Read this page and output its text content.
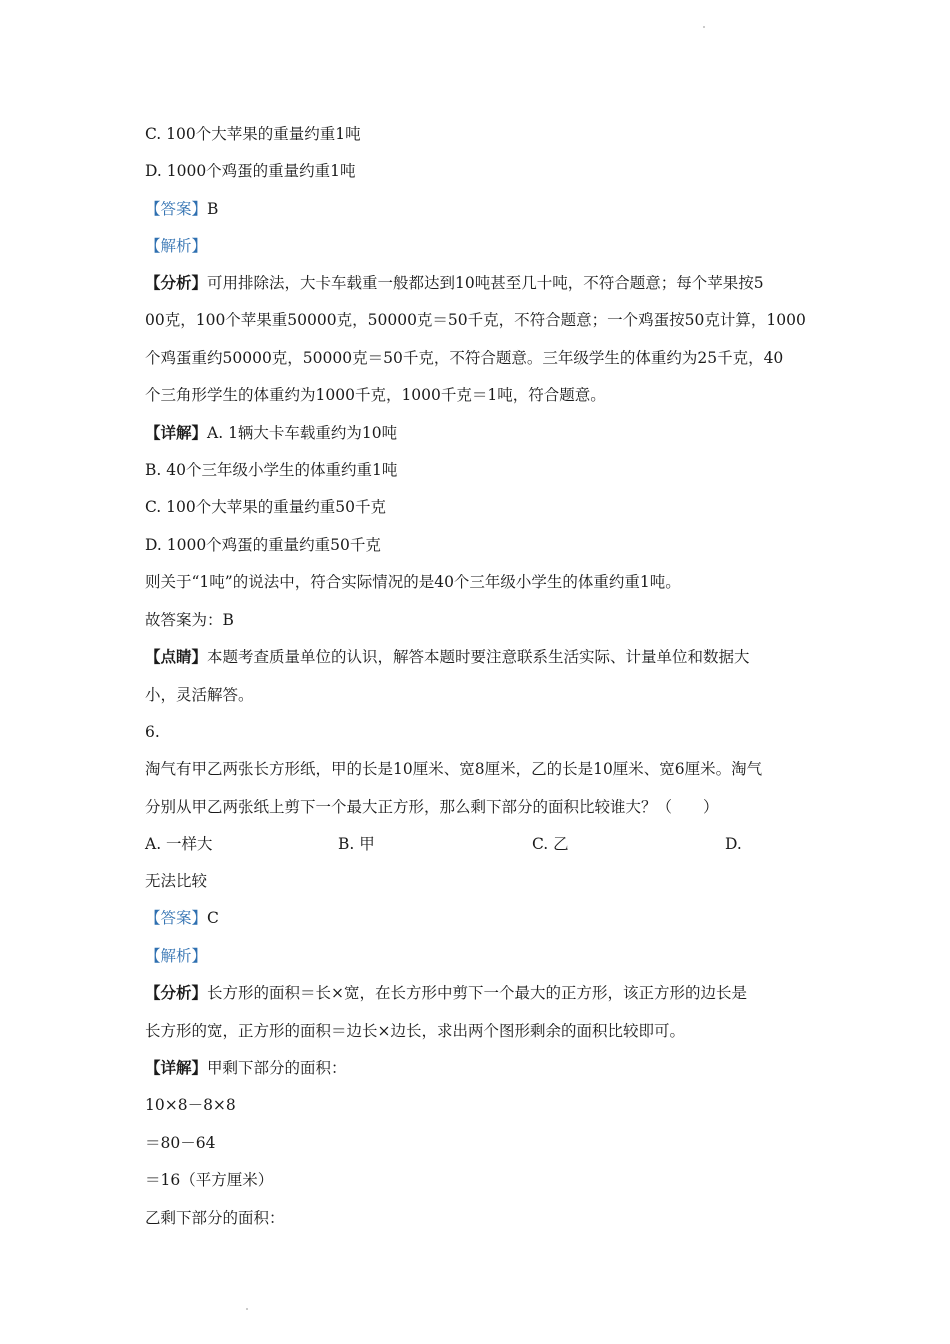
C. 100个大苹果的重量约重1吨
D. 1000个鸡蛋的重量约重1吨
【答案】B
【解析】
【分析】可用排除法，大卡车载重一般都达到10吨甚至几十吨，不符合题意；每个苹果按5
00克，100个苹果重50000克，50000克＝50千克，不符合题意；一个鸡蛋按50克计算，1000
个鸡蛋重约50000克，50000克＝50千克，不符合题意。三年级学生的体重约为25千克，40
个三角形学生的体重约为1000千克，1000千克＝1吨，符合题意。
【详解】A. 1辆大卡车载重约为10吨
B. 40个三年级小学生的体重约重1吨
C. 100个大苹果的重量约重50千克
D. 1000个鸡蛋的重量约重50千克
则关于“1吨”的说法中，符合实际情况的是40个三年级小学生的体重约重1吨。
故答案为：B
【点睛】本题考查质量单位的认识，解答本题时要注意联系生活实际、计量单位和数据大
小，灵活解答。
6.
淘气有甲乙两张长方形纸，甲的长是10厘米、宽8厘米，乙的长是10厘米、宽6厘米。淘气
分别从甲乙两张纸上剪下一个最大正方形，那么剩下部分的面积比较谁大？（　　）
A. 一样大	B. 甲	C. 乙	D.
无法比较
【答案】C
【解析】
【分析】长方形的面积＝长×宽，在长方形中剪下一个最大的正方形，该正方形的边长是
长方形的宽，正方形的面积＝边长×边长，求出两个图形剩余的面积比较即可。
【详解】甲剩下部分的面积：
10×8－8×8
＝80－64
＝16（平方厘米）
乙剩下部分的面积：
